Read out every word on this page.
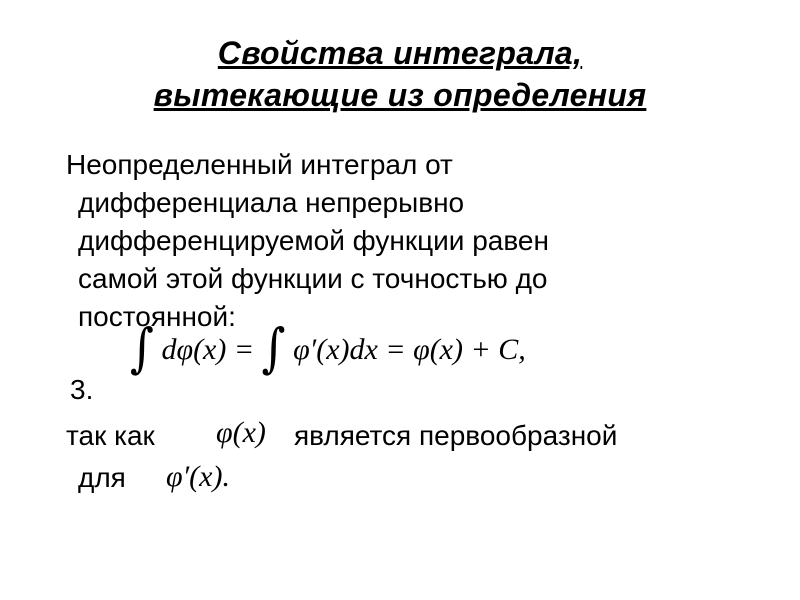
Свойства интеграла,
вытекающие из определения
Неопределенный интеграл от
дифференциала непрерывно
дифференцируемой функции равен
самой этой функции с точностью до
постоянной:
∫ dφ(x) = ∫ φ′(x)dx = φ(x) + C,
3.
так как φ(x) является первообразной
для φ′(x).
